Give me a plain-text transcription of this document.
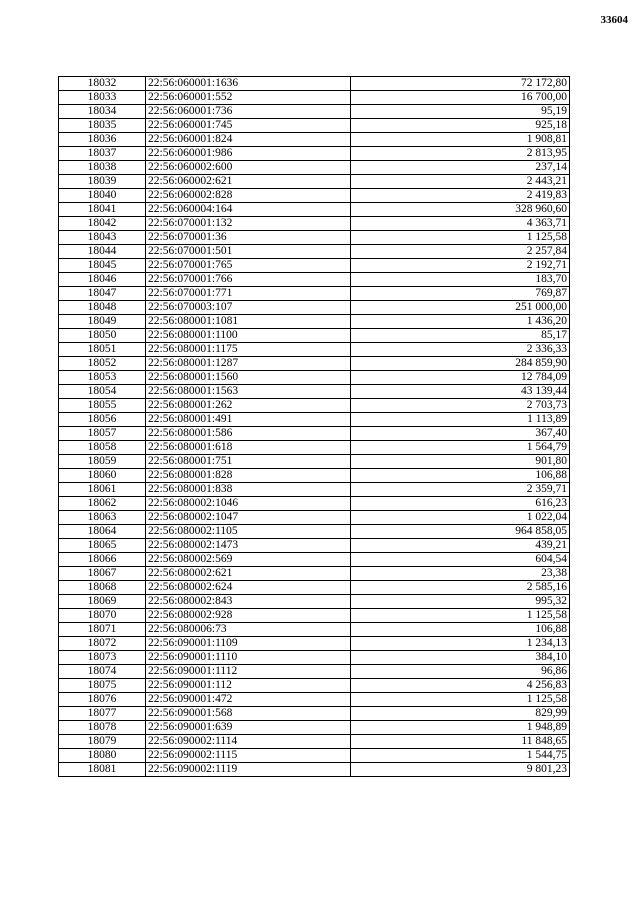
33604
18032	22:56:060001:1636	72 172,80
18033	22:56:060001:552	16 700,00
18034	22:56:060001:736	95,19
18035	22:56:060001:745	925,18
18036	22:56:060001:824	1 908,81
18037	22:56:060001:986	2 813,95
18038	22:56:060002:600	237,14
18039	22:56:060002:621	2 443,21
18040	22:56:060002:828	2 419,83
18041	22:56:060004:164	328 960,60
18042	22:56:070001:132	4 363,71
18043	22:56:070001:36	1 125,58
18044	22:56:070001:501	2 257,84
18045	22:56:070001:765	2 192,71
18046	22:56:070001:766	183,70
18047	22:56:070001:771	769,87
18048	22:56:070003:107	251 000,00
18049	22:56:080001:1081	1 436,20
18050	22:56:080001:1100	85,17
18051	22:56:080001:1175	2 336,33
18052	22:56:080001:1287	284 859,90
18053	22:56:080001:1560	12 784,09
18054	22:56:080001:1563	43 139,44
18055	22:56:080001:262	2 703,73
18056	22:56:080001:491	1 113,89
18057	22:56:080001:586	367,40
18058	22:56:080001:618	1 564,79
18059	22:56:080001:751	901,80
18060	22:56:080001:828	106,88
18061	22:56:080001:838	2 359,71
18062	22:56:080002:1046	616,23
18063	22:56:080002:1047	1 022,04
18064	22:56:080002:1105	964 858,05
18065	22:56:080002:1473	439,21
18066	22:56:080002:569	604,54
18067	22:56:080002:621	23,38
18068	22:56:080002:624	2 585,16
18069	22:56:080002:843	995,32
18070	22:56:080002:928	1 125,58
18071	22:56:080006:73	106,88
18072	22:56:090001:1109	1 234,13
18073	22:56:090001:1110	384,10
18074	22:56:090001:1112	96,86
18075	22:56:090001:112	4 256,83
18076	22:56:090001:472	1 125,58
18077	22:56:090001:568	829,99
18078	22:56:090001:639	1 948,89
18079	22:56:090002:1114	11 848,65
18080	22:56:090002:1115	1 544,75
18081	22:56:090002:1119	9 801,23
